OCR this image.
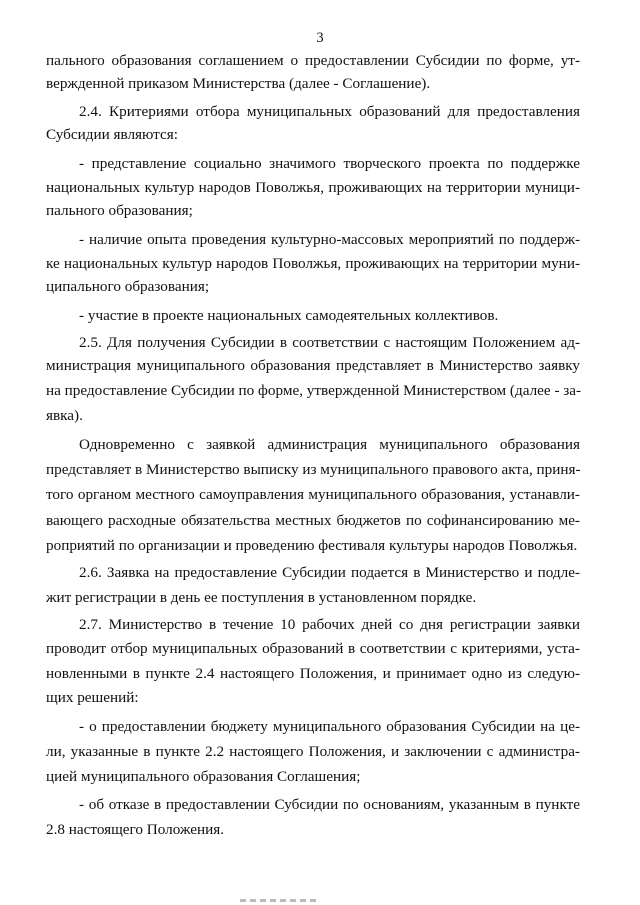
3
пального образования соглашением о предоставлении Субсидии по форме, ут-
вержденной приказом Министерства (далее - Соглашение).
2.4. Критериями отбора муниципальных образований для предоставления
Субсидии являются:
- представление социально значимого творческого проекта по поддержке
национальных культур народов Поволжья, проживающих на территории муници-
пального образования;
- наличие опыта проведения культурно-массовых мероприятий по поддерж-
ке национальных культур народов Поволжья, проживающих на территории муни-
ципального образования;
- участие в проекте национальных самодеятельных коллективов.
2.5. Для получения Субсидии в соответствии с настоящим Положением ад-
министрация муниципального образования представляет в Министерство заявку
на предоставление Субсидии по форме, утвержденной Министерством (далее - за-
явка).
Одновременно с заявкой администрация муниципального образования
представляет в Министерство выписку из муниципального правового акта, приня-
того органом местного самоуправления муниципального образования, устанавли-
вающего расходные обязательства местных бюджетов по софинансированию ме-
роприятий по организации и проведению фестиваля культуры народов Поволжья.
2.6. Заявка на предоставление Субсидии подается в Министерство и подле-
жит регистрации в день ее поступления в установленном порядке.
2.7. Министерство в течение 10 рабочих дней со дня регистрации заявки
проводит отбор муниципальных образований в соответствии с критериями, уста-
новленными в пункте 2.4 настоящего Положения, и принимает одно из следую-
щих решений:
- о предоставлении бюджету муниципального образования Субсидии на це-
ли, указанные в пункте 2.2 настоящего Положения, и заключении с администра-
цией муниципального образования Соглашения;
- об отказе в предоставлении Субсидии по основаниям, указанным в пункте
2.8 настоящего Положения.
